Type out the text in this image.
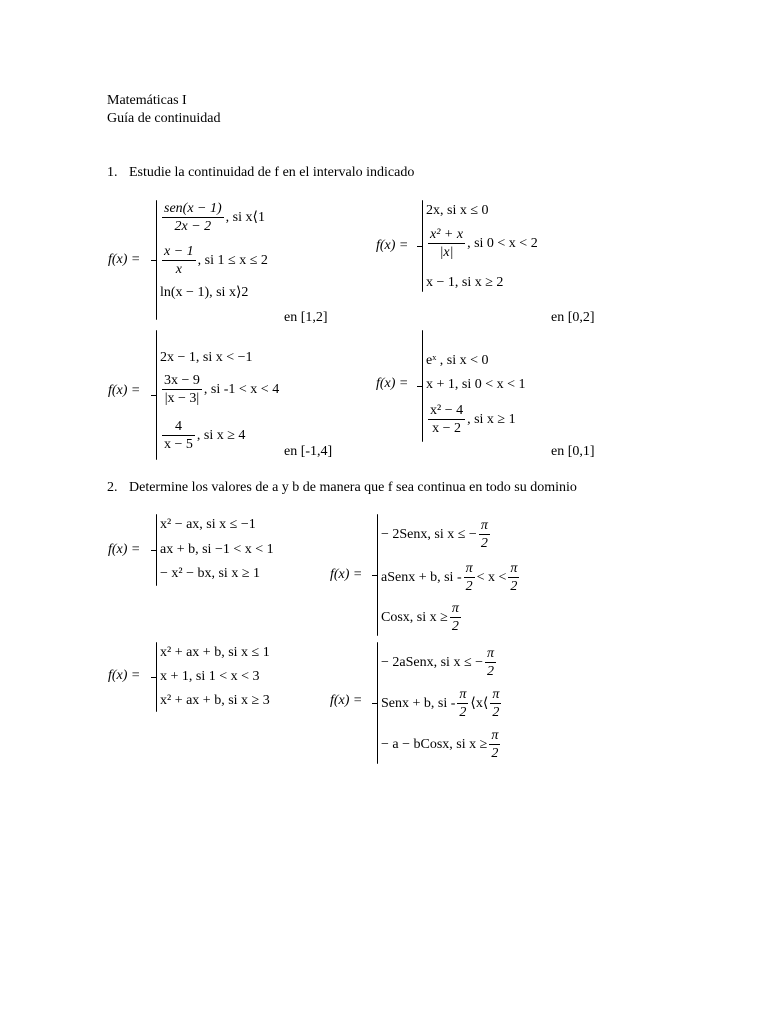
Matemáticas I
Guía de continuidad
1. Estudie la continuidad de f en el intervalo indicado
f(x) =
$\frac{\text{sen(x − 1)}}{2x - 2}$ , si x⟨1
$\frac{x - 1}{x}$ , si 1 ≤ x ≤ 2
ln(x − 1), si x⟩2
en [1,2]
f(x) =
2x, si x ≤ 0
$\frac{\text{x² + x}}{|x|}$ , si 0 < x < 2
x − 1, si x ≥ 2
en [0,2]
f(x) =
2x − 1, si x < −1
$\frac{3x - 9}{|x - 3|}$ , si -1 < x < 4
$\frac{4}{x - 5}$ , si x ≥ 4
en [-1,4]
f(x) =
eˣ , si x < 0
x + 1, si 0 < x < 1
$\frac{\text{x² − 4}}{x - 2}$ , si x ≥ 1
en [0,1]
2. Determine los valores de a y b de manera que f sea continua en todo su dominio
f(x) =
x² − ax, si x ≤ −1
ax + b, si −1 < x < 1
− x² − bx, si x ≥ 1	f(x) =
− 2Senx, si x ≤ − $\frac{\pi}{2}$
aSenx + b, si - $\frac{\pi}{2} < x < \frac{\pi}{2}$
Cosx, si $x \ge \frac{\pi}{2}$
f(x) =
x² + ax + b, si x ≤ 1
x + 1, si 1 < x < 3
x² + ax + b, si x ≥ 3	f(x) =
− 2aSenx, si x ≤ − $\frac{\pi}{2}$
Senx + b, si - $\frac{\pi}{2}$ ⟨x⟨ $\frac{\pi}{2}$
− a − bCosx, si $x \ge \frac{\pi}{2}$
